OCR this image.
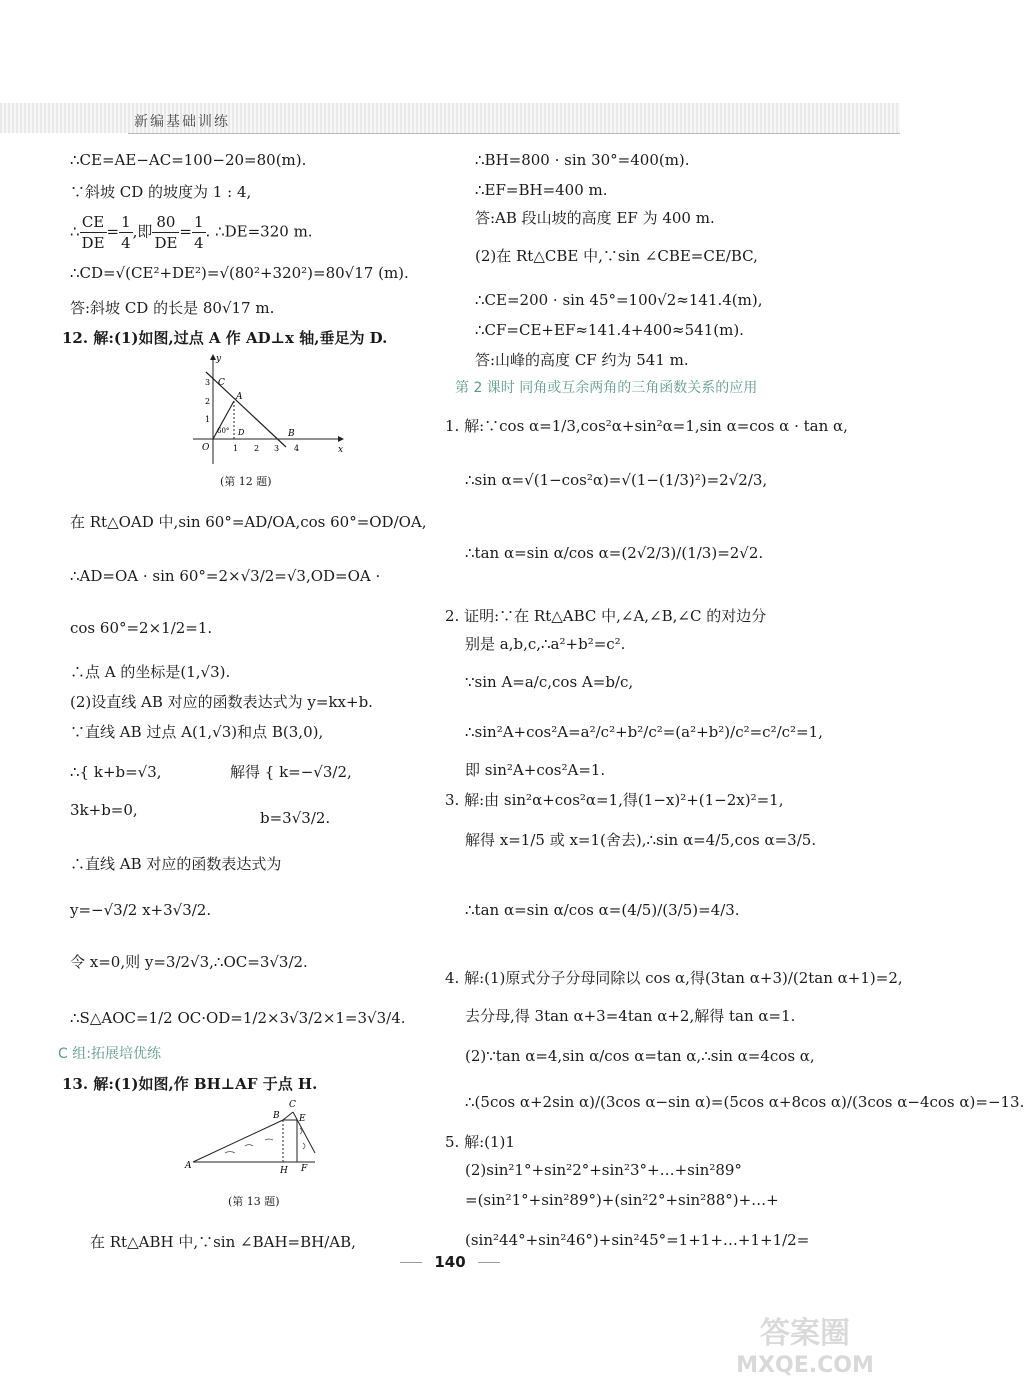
新编基础训练
∴CE=AE−AC=100−20=80(m).
∵斜坡 CD 的坡度为 1 : 4,
∴ $\frac{CE}{DE} = \frac{1}{4}$ ,即 $\frac{80}{DE} = \frac{1}{4}$ . ∴DE=320 m.
∴CD=√(CE²+DE²)=√(80²+320²)=80√17 (m).
答:斜坡 CD 的长是 80√17 m.
12. 解:(1)如图,过点 A 作 AD⊥x 轴,垂足为 D.
y
x
O
C
A
D	B
60°
1 2 3 4
1
2
3
(第 12 题)
在 Rt△OAD 中,sin 60°=AD/OA,cos 60°=OD/OA,
∴AD=OA · sin 60°=2×√3/2=√3,OD=OA ·
cos 60°=2×1/2=1.
∴点 A 的坐标是(1,√3).
(2)设直线 AB 对应的函数表达式为 y=kx+b.
∵直线 AB 过点 A(1,√3)和点 B(3,0),
∴{ k+b=√3,
3k+b=0,
解得 { k=−√3/2,
b=3√3/2.
∴直线 AB 对应的函数表达式为
y=−√3/2 x+3√3/2.
令 x=0,则 y=3/2√3,∴OC=3√3/2.
∴S△AOC=1/2 OC·OD=1/2×3√3/2×1=3√3/4.
C 组:拓展培优练
13. 解:(1)如图,作 BH⊥AF 于点 H.
A
B
C
E
H F
(第 13 题)
在 Rt△ABH 中,∵sin ∠BAH=BH/AB,
∴BH=800 · sin 30°=400(m).
∴EF=BH=400 m.
答:AB 段山坡的高度 EF 为 400 m.
(2)在 Rt△CBE 中,∵sin ∠CBE=CE/BC,
∴CE=200 · sin 45°=100√2≈141.4(m),
∴CF=CE+EF≈141.4+400≈541(m).
答:山峰的高度 CF 约为 541 m.
第 2 课时 同角或互余两角的三角函数关系的应用
1. 解:∵cos α=1/3,cos²α+sin²α=1,sin α=cos α · tan α,
∴sin α=√(1−cos²α)=√(1−(1/3)²)=2√2/3,
∴tan α=sin α/cos α=(2√2/3)/(1/3)=2√2.
2. 证明:∵在 Rt△ABC 中,∠A,∠B,∠C 的对边分
别是 a,b,c,∴a²+b²=c².
∵sin A=a/c,cos A=b/c,
∴sin²A+cos²A=a²/c²+b²/c²=(a²+b²)/c²=c²/c²=1,
即 sin²A+cos²A=1.
3. 解:由 sin²α+cos²α=1,得(1−x)²+(1−2x)²=1,
解得 x=1/5 或 x=1(舍去),∴sin α=4/5,cos α=3/5.
∴tan α=sin α/cos α=(4/5)/(3/5)=4/3.
4. 解:(1)原式分子分母同除以 cos α,得(3tan α+3)/(2tan α+1)=2,
去分母,得 3tan α+3=4tan α+2,解得 tan α=1.
(2)∵tan α=4,sin α/cos α=tan α,∴sin α=4cos α,
∴(5cos α+2sin α)/(3cos α−sin α)=(5cos α+8cos α)/(3cos α−4cos α)=−13.
5. 解:(1)1
(2)sin²1°+sin²2°+sin²3°+…+sin²89°
=(sin²1°+sin²89°)+(sin²2°+sin²88°)+…+
(sin²44°+sin²46°)+sin²45°=1+1+…+1+1/2=
140
答案圈
MXQE.COM
